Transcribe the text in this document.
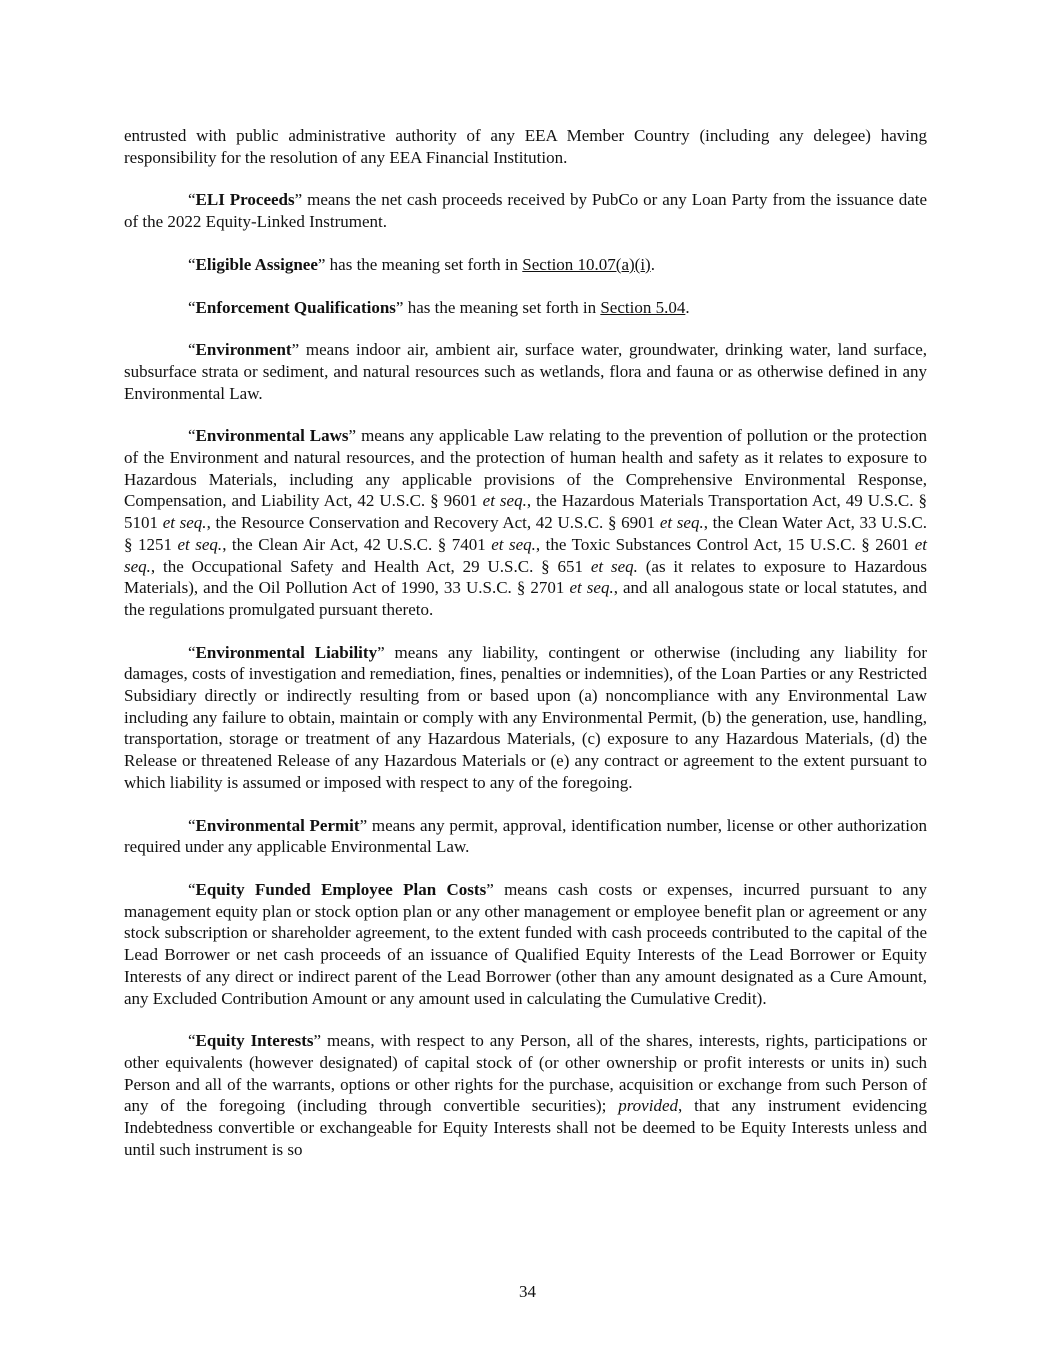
entrusted with public administrative authority of any EEA Member Country (including any delegee) having responsibility for the resolution of any EEA Financial Institution.

“ELI Proceeds” means the net cash proceeds received by PubCo or any Loan Party from the issuance date of the 2022 Equity-Linked Instrument.

“Eligible Assignee” has the meaning set forth in Section 10.07(a)(i).

“Enforcement Qualifications” has the meaning set forth in Section 5.04.

“Environment” means indoor air, ambient air, surface water, groundwater, drinking water, land surface, subsurface strata or sediment, and natural resources such as wetlands, flora and fauna or as otherwise defined in any Environmental Law.

“Environmental Laws” means any applicable Law relating to the prevention of pollution or the protection of the Environment and natural resources, and the protection of human health and safety as it relates to exposure to Hazardous Materials, including any applicable provisions of the Comprehensive Environmental Response, Compensation, and Liability Act, 42 U.S.C. § 9601 et seq., the Hazardous Materials Transportation Act, 49 U.S.C. § 5101 et seq., the Resource Conservation and Recovery Act, 42 U.S.C. § 6901 et seq., the Clean Water Act, 33 U.S.C. § 1251 et seq., the Clean Air Act, 42 U.S.C. § 7401 et seq., the Toxic Substances Control Act, 15 U.S.C. § 2601 et seq., the Occupational Safety and Health Act, 29 U.S.C. § 651 et seq. (as it relates to exposure to Hazardous Materials), and the Oil Pollution Act of 1990, 33 U.S.C. § 2701 et seq., and all analogous state or local statutes, and the regulations promulgated pursuant thereto.

“Environmental Liability” means any liability, contingent or otherwise (including any liability for damages, costs of investigation and remediation, fines, penalties or indemnities), of the Loan Parties or any Restricted Subsidiary directly or indirectly resulting from or based upon (a) noncompliance with any Environmental Law including any failure to obtain, maintain or comply with any Environmental Permit, (b) the generation, use, handling, transportation, storage or treatment of any Hazardous Materials, (c) exposure to any Hazardous Materials, (d) the Release or threatened Release of any Hazardous Materials or (e) any contract or agreement to the extent pursuant to which liability is assumed or imposed with respect to any of the foregoing.

“Environmental Permit” means any permit, approval, identification number, license or other authorization required under any applicable Environmental Law.

“Equity Funded Employee Plan Costs” means cash costs or expenses, incurred pursuant to any management equity plan or stock option plan or any other management or employee benefit plan or agreement or any stock subscription or shareholder agreement, to the extent funded with cash proceeds contributed to the capital of the Lead Borrower or net cash proceeds of an issuance of Qualified Equity Interests of the Lead Borrower or Equity Interests of any direct or indirect parent of the Lead Borrower (other than any amount designated as a Cure Amount, any Excluded Contribution Amount or any amount used in calculating the Cumulative Credit).

“Equity Interests” means, with respect to any Person, all of the shares, interests, rights, participations or other equivalents (however designated) of capital stock of (or other ownership or profit interests or units in) such Person and all of the warrants, options or other rights for the purchase, acquisition or exchange from such Person of any of the foregoing (including through convertible securities); provided, that any instrument evidencing Indebtedness convertible or exchangeable for Equity Interests shall not be deemed to be Equity Interests unless and until such instrument is so

34
